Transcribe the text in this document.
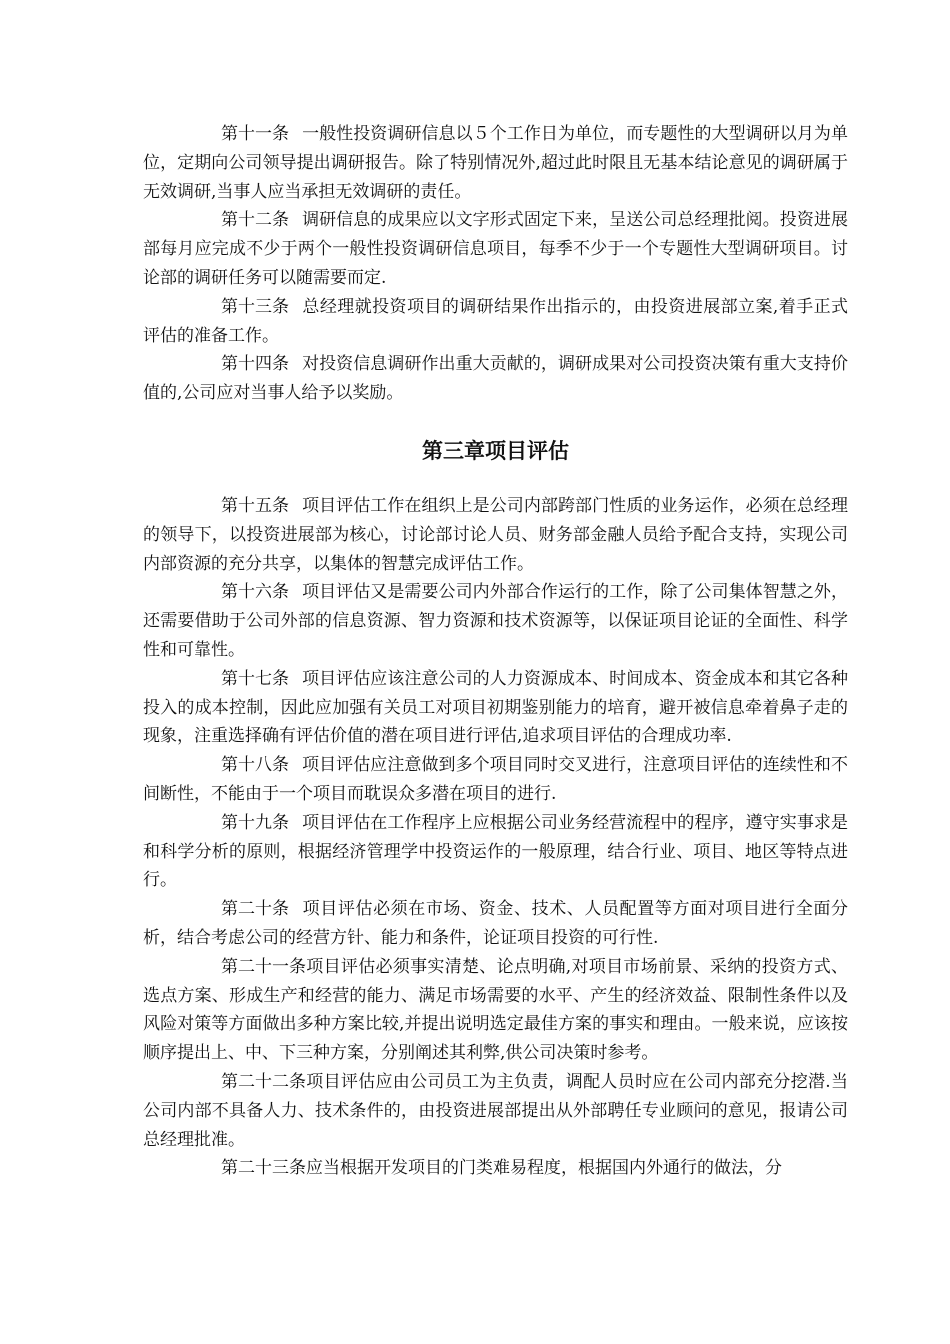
第十一条 一般性投资调研信息以５个工作日为单位，而专题性的大型调研以月为单位，定期向公司领导提出调研报告。除了特别情况外,超过此时限且无基本结论意见的调研属于无效调研,当事人应当承担无效调研的责任。

第十二条 调研信息的成果应以文字形式固定下来，呈送公司总经理批阅。投资进展部每月应完成不少于两个一般性投资调研信息项目，每季不少于一个专题性大型调研项目。讨论部的调研任务可以随需要而定.

第十三条 总经理就投资项目的调研结果作出指示的，由投资进展部立案,着手正式评估的准备工作。

第十四条 对投资信息调研作出重大贡献的，调研成果对公司投资决策有重大支持价值的,公司应对当事人给予以奖励。

第三章项目评估

第十五条 项目评估工作在组织上是公司内部跨部门性质的业务运作，必须在总经理的领导下，以投资进展部为核心，讨论部讨论人员、财务部金融人员给予配合支持，实现公司内部资源的充分共享，以集体的智慧完成评估工作。

第十六条 项目评估又是需要公司内外部合作运行的工作，除了公司集体智慧之外，还需要借助于公司外部的信息资源、智力资源和技术资源等，以保证项目论证的全面性、科学性和可靠性。

第十七条 项目评估应该注意公司的人力资源成本、时间成本、资金成本和其它各种投入的成本控制，因此应加强有关员工对项目初期鉴别能力的培育，避开被信息牵着鼻子走的现象，注重选择确有评估价值的潜在项目进行评估,追求项目评估的合理成功率.

第十八条 项目评估应注意做到多个项目同时交叉进行，注意项目评估的连续性和不间断性，不能由于一个项目而耽误众多潜在项目的进行.

第十九条 项目评估在工作程序上应根据公司业务经营流程中的程序，遵守实事求是和科学分析的原则，根据经济管理学中投资运作的一般原理，结合行业、项目、地区等特点进行。

第二十条 项目评估必须在市场、资金、技术、人员配置等方面对项目进行全面分析，结合考虑公司的经营方针、能力和条件，论证项目投资的可行性.

第二十一条项目评估必须事实清楚、论点明确,对项目市场前景、采纳的投资方式、选点方案、形成生产和经营的能力、满足市场需要的水平、产生的经济效益、限制性条件以及风险对策等方面做出多种方案比较,并提出说明选定最佳方案的事实和理由。一般来说，应该按顺序提出上、中、下三种方案，分别阐述其利弊,供公司决策时参考。

第二十二条项目评估应由公司员工为主负责，调配人员时应在公司内部充分挖潜.当公司内部不具备人力、技术条件的，由投资进展部提出从外部聘任专业顾问的意见，报请公司总经理批准。

第二十三条应当根据开发项目的门类难易程度，根据国内外通行的做法，分
